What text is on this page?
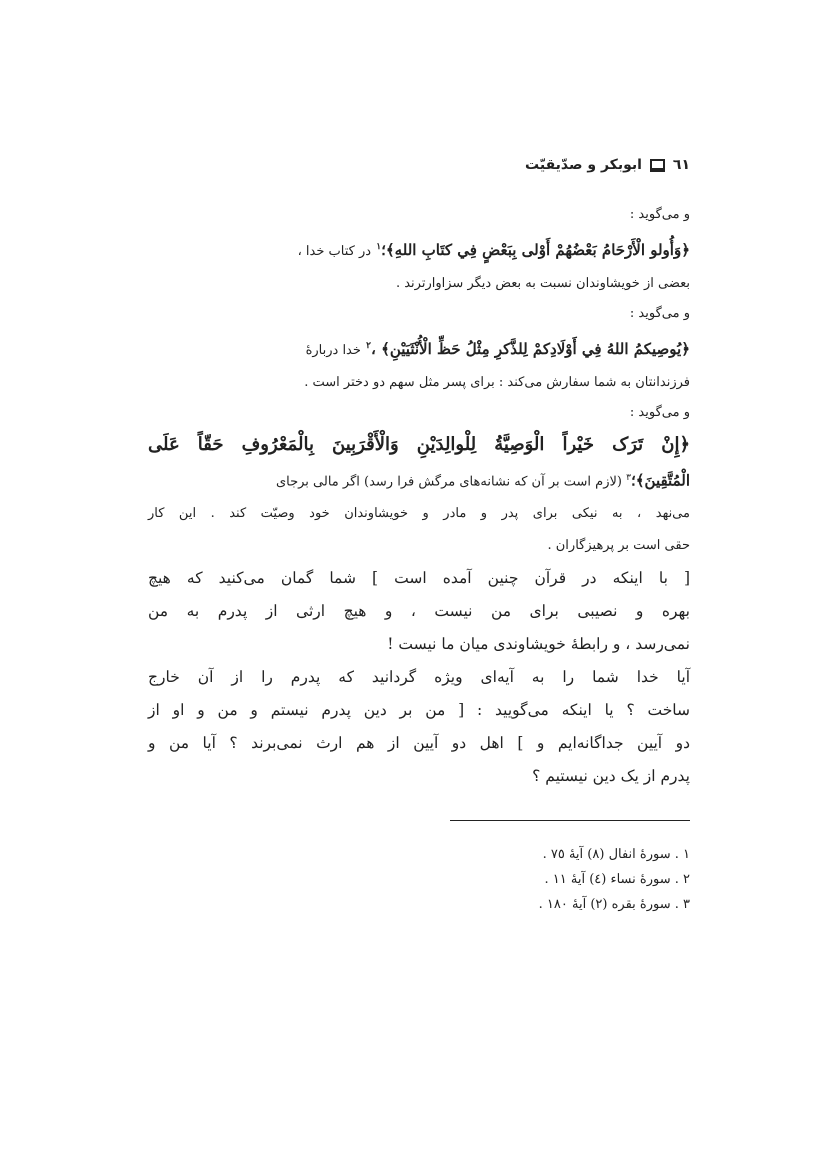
ابوبکر و صدّیقیّت ٦١

و می‌گوید :

﴿وَأُولو الْأَرْحَامُ بَعْضُهُمْ أَوْلى بِبَعْضٍ فِي كتَابِ اللهِ﴾؛$^١$ در کتاب خدا ،

بعضی از خویشاوندان نسبت به بعض دیگر سزاوارترند .

و می‌گوید :

﴿يُوصِيكمُ اللهُ فِي أَوْلَادِكمْ لِلذَّكرِ مِثْلُ حَظِّ الْأُنْثَيَيْنِ﴾ ،$^٢$ خدا دربارهٔ

فرزندانتان به شما سفارش می‌کند : برای پسر مثل سهم دو دختر است .

و می‌گوید :

﴿إِنْ تَرَک خَيْراً الْوَصِيَّةُ لِلْوالِدَيْنِ وَالْأَقْرَبِينَ بِالْمَعْرُوفِ حَقّاً عَلَى

الْمُتَّقِينَ﴾؛$^٣$ (لازم است بر آن که نشانه‌های مرگش فرا رسد) اگر مالی برجای

می‌نهد ، به نیکی برای پدر و مادر و خویشاوندان خود وصیّت کند . این کار

حقی است بر پرهیزگاران .

[ با اینکه در قرآن چنین آمده است ] شما گمان می‌کنید که هیچ

بهره و نصیبی برای من نیست ، و هیچ ارثی از پدرم به من

نمی‌رسد ، و رابطهٔ خویشاوندی میان ما نیست !

آیا خدا شما را به آیه‌ای ویژه گردانید که پدرم را از آن خارج

ساخت ؟ یا اینکه می‌گویید : [ من بر دین پدرم نیستم و من و او از

دو آیین جداگانه‌ایم و ] اهل دو آیین از هم ارث نمی‌برند ؟ آیا من و

پدرم از یک دین نیستیم ؟

١ . سورهٔ انفال (٨) آیهٔ ٧٥ .
٢ . سورهٔ نساء (٤) آیهٔ ١١ .
٣ . سورهٔ بقره (٢) آیهٔ ١٨٠ .
